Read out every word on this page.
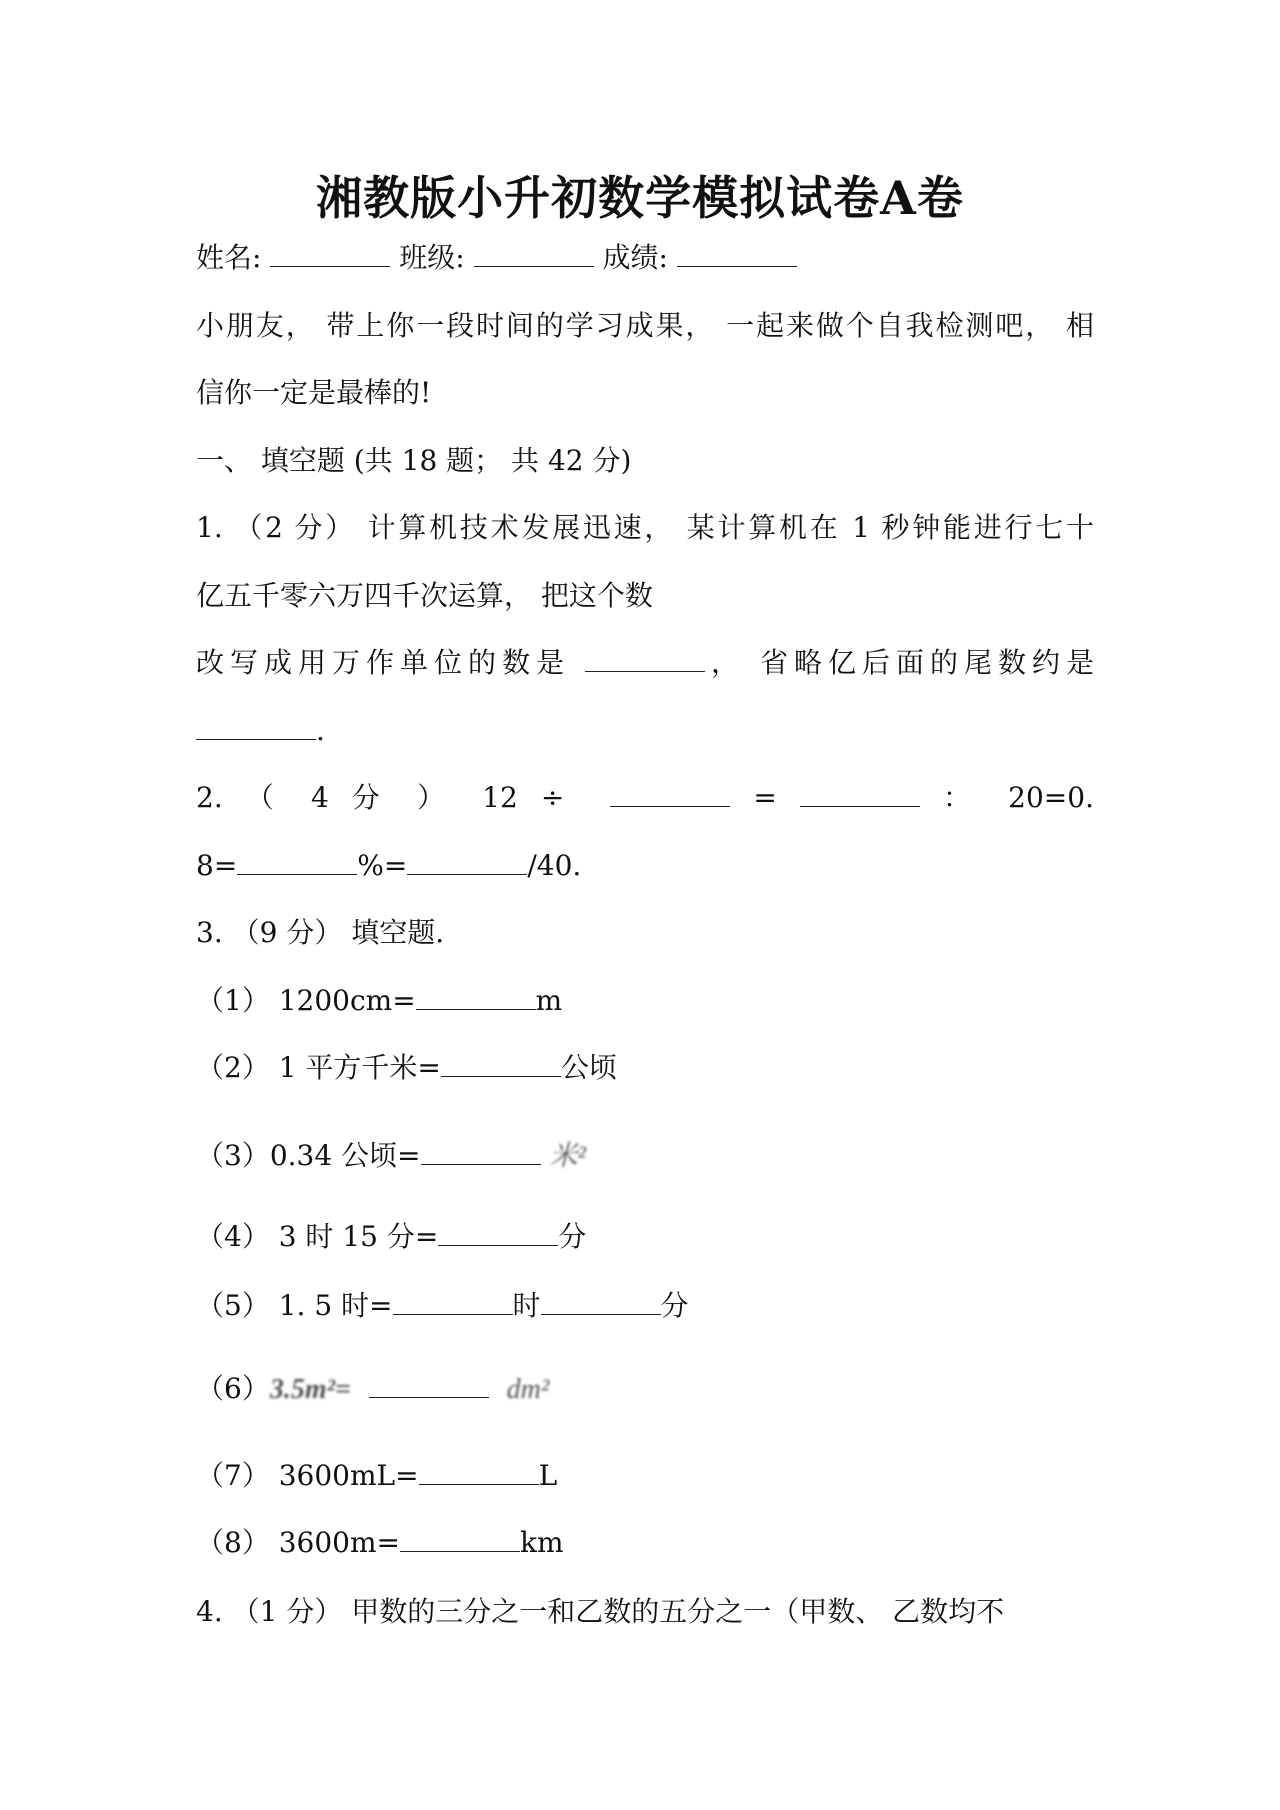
湘教版小升初数学模拟试卷A卷
姓名:	班级:	成绩:
小朋友， 带上你一段时间的学习成果， 一起来做个自我检测吧， 相
信你一定是最棒的!
一、 填空题 (共 18 题； 共 42 分)
1. （2 分） 计算机技术发展迅速， 某计算机在 1 秒钟能进行七十
亿五千零六万四千次运算， 把这个数
改写成用万作单位的数是	， 省略亿后面的尾数约是
.
2. （ 4 分 ） 12 ÷	=	： 20=0.
8=	%=	/40.
3. （9 分） 填空题.
（1） 1200cm=	m
（2） 1 平方千米=	公顷
（3）0.34 公顷=	米²
（4） 3 时 15 分=	分
（5） 1. 5 时=	时	分
（6）3.5m²=	dm²
（7） 3600mL=	L
（8） 3600m=	km
4. （1 分） 甲数的三分之一和乙数的五分之一（甲数、 乙数均不
